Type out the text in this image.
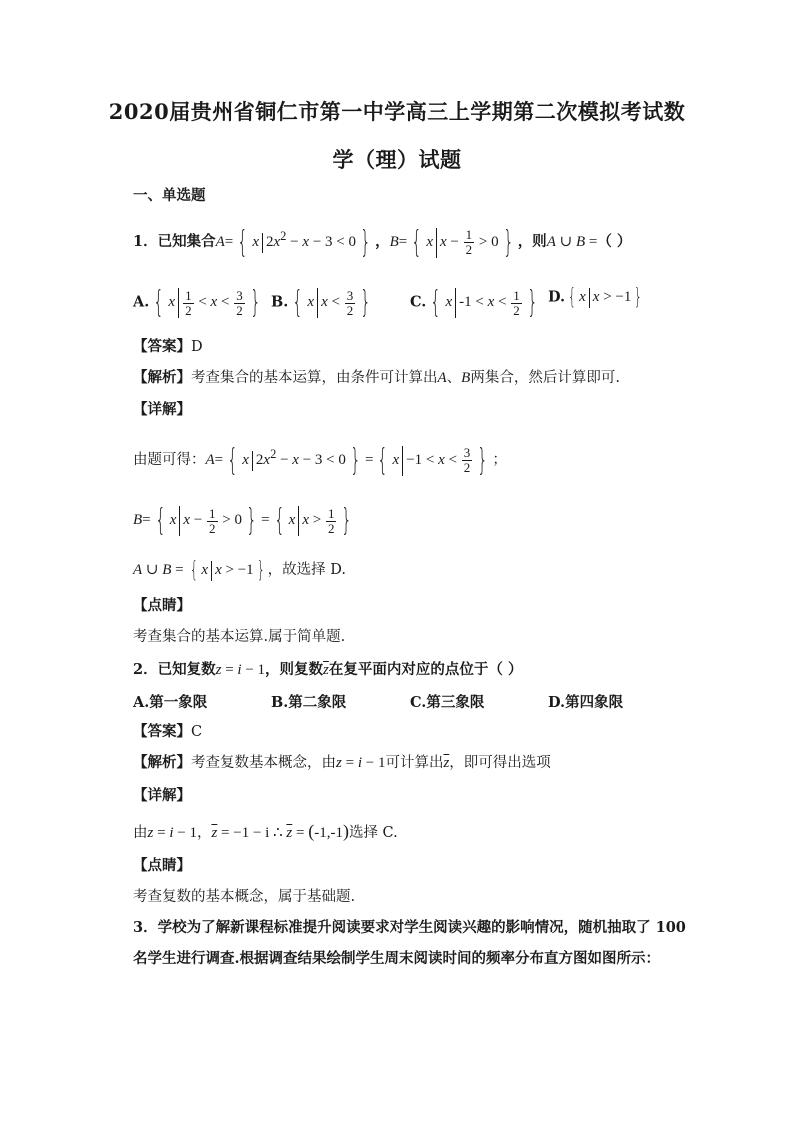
2020届贵州省铜仁市第一中学高三上学期第二次模拟考试数
学（理）试题
一、单选题
1．已知集合A= { x $2x^2 - x - 3 < 0$ } ，B= { x $x - \frac{1}{2} > 0$ } ，则A ∪ B =（ ）
A. { x $\frac{1}{2} < x < \frac{3}{2}$ } B. { x $x < \frac{3}{2}$ }	C. { x $-1 < x < \frac{1}{2}$ } D. { x x > −1 }
【答案】D
【解析】考查集合的基本运算，由条件可计算出A、B两集合，然后计算即可.
【详解】
由题可得：A= { x $2x^2 - x - 3 < 0$ } = { $x -1 < x < \frac{3}{2}$ } ；
B= { x $x - \frac{1}{2} > 0$ } = { x $x > \frac{1}{2}$ }
A ∪ B = { x x > −1 } ，故选择 D.
【点睛】
考查集合的基本运算.属于简单题.
2．已知复数z = i − 1，则复数$\overline{z}$在复平面内对应的点位于（ ）
A.第一象限	B.第二象限	C.第三象限	D.第四象限
【答案】C
【解析】考查复数基本概念，由z = i − 1可计算出$\overline{z}$，即可得出选项
【详解】
由z = i − 1，$\overline{z} = -1 - i$ ∴ $\overline{z} = (-1,-1)$选择 C.
【点睛】
考查复数的基本概念，属于基础题.
3．学校为了解新课程标准提升阅读要求对学生阅读兴趣的影响情况，随机抽取了 100
名学生进行调查.根据调查结果绘制学生周末阅读时间的频率分布直方图如图所示：
